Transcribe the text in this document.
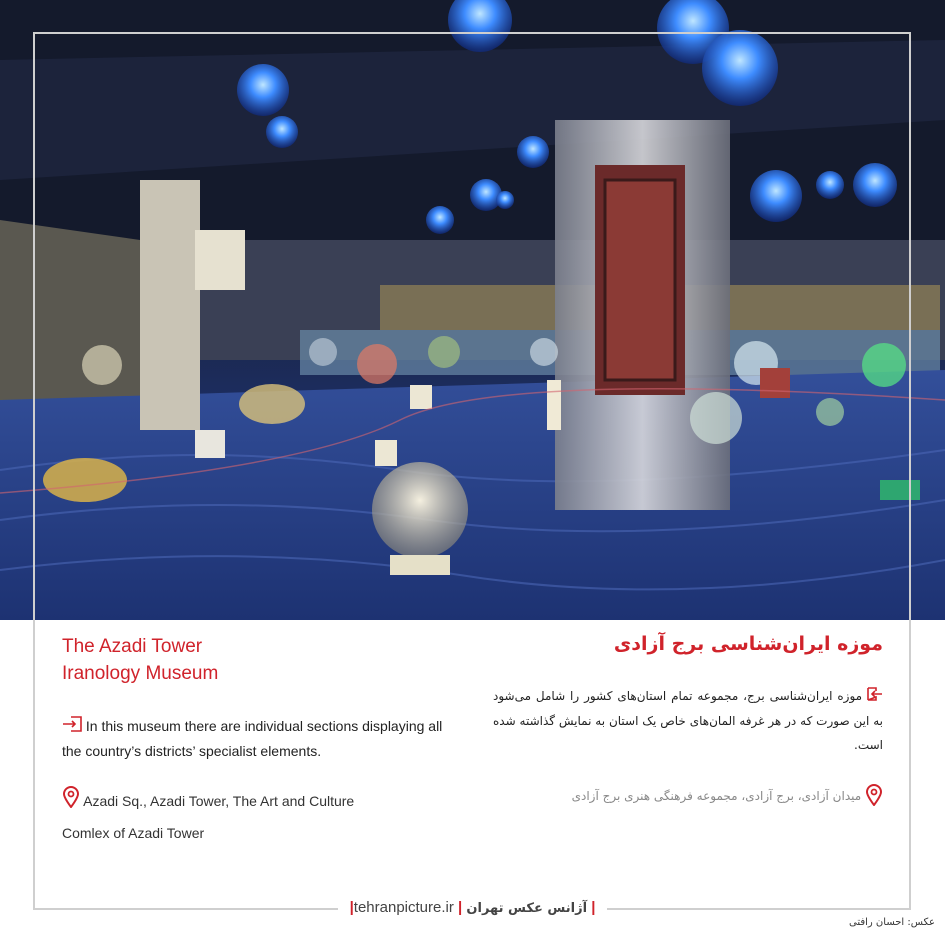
The Azadi Tower
Iranology Museum
موزه ایران‌شناسی برج آزادی
موزه ایران‌شناسی برج، مجموعه تمام استان‌های کشور را شامل می‌شود به این صورت که در هر غرفه المان‌های خاص یک استان به نمایش گذاشته شده است.
In this museum there are individual sections displaying all the country’s districts’ specialist elements.
Azadi Sq., Azadi Tower, The Art and Culture Comlex of Azadi Tower
میدان آزادی، برج آزادی، مجموعه فرهنگی هنری برج آزادی
|tehranpicture.ir | آژانس عکس تهران |
عکس: احسان رافتی
